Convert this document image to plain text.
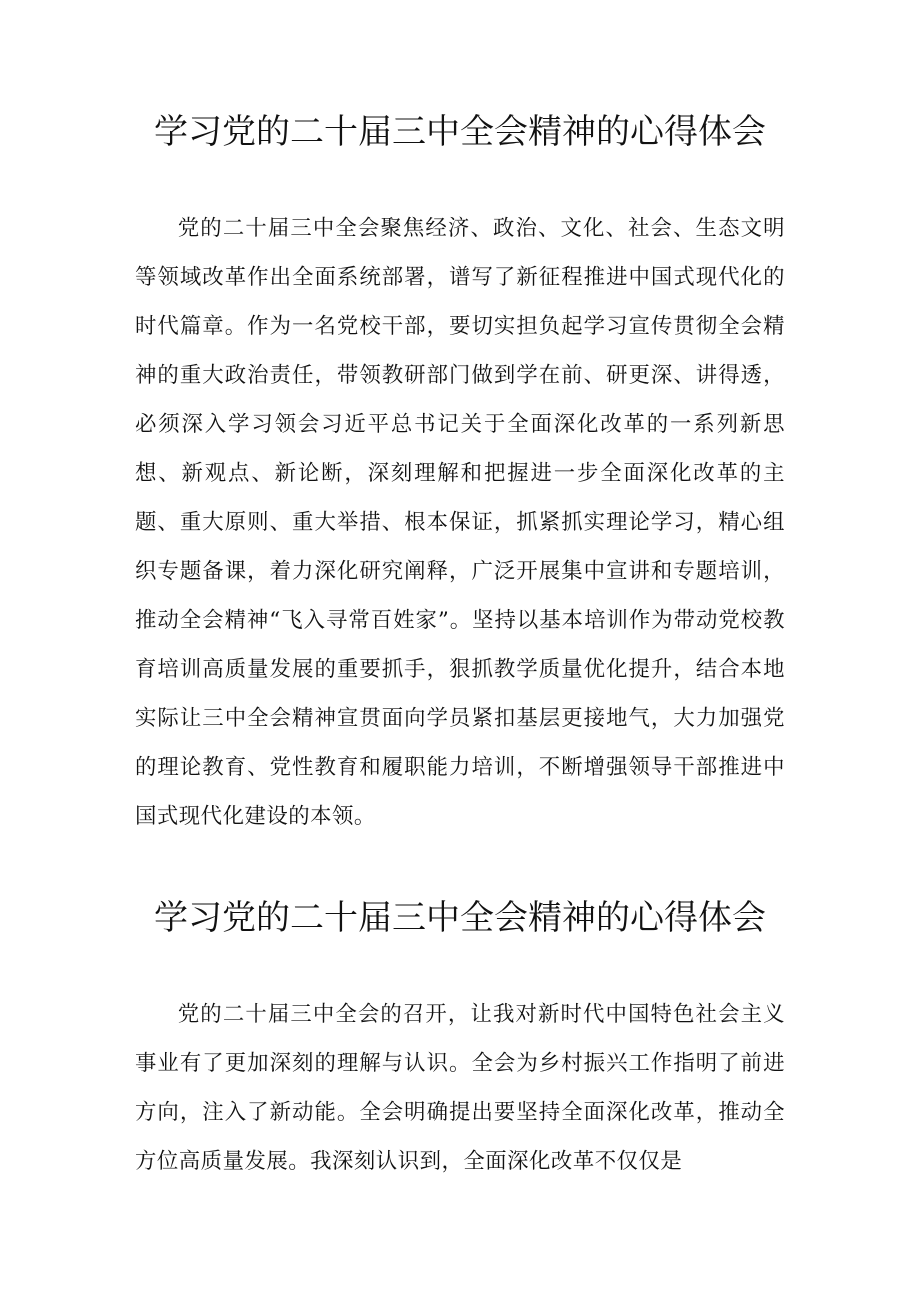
学习党的二十届三中全会精神的心得体会

党的二十届三中全会聚焦经济、政治、文化、社会、生态文明等领域改革作出全面系统部署，谱写了新征程推进中国式现代化的时代篇章。作为一名党校干部，要切实担负起学习宣传贯彻全会精神的重大政治责任，带领教研部门做到学在前、研更深、讲得透，必须深入学习领会习近平总书记关于全面深化改革的一系列新思想、新观点、新论断，深刻理解和把握进一步全面深化改革的主题、重大原则、重大举措、根本保证，抓紧抓实理论学习，精心组织专题备课，着力深化研究阐释，广泛开展集中宣讲和专题培训，推动全会精神“飞入寻常百姓家”。坚持以基本培训作为带动党校教育培训高质量发展的重要抓手，狠抓教学质量优化提升，结合本地实际让三中全会精神宣贯面向学员紧扣基层更接地气，大力加强党的理论教育、党性教育和履职能力培训，不断增强领导干部推进中国式现代化建设的本领。

学习党的二十届三中全会精神的心得体会

党的二十届三中全会的召开，让我对新时代中国特色社会主义事业有了更加深刻的理解与认识。全会为乡村振兴工作指明了前进方向，注入了新动能。全会明确提出要坚持全面深化改革，推动全方位高质量发展。我深刻认识到，全面深化改革不仅仅是
